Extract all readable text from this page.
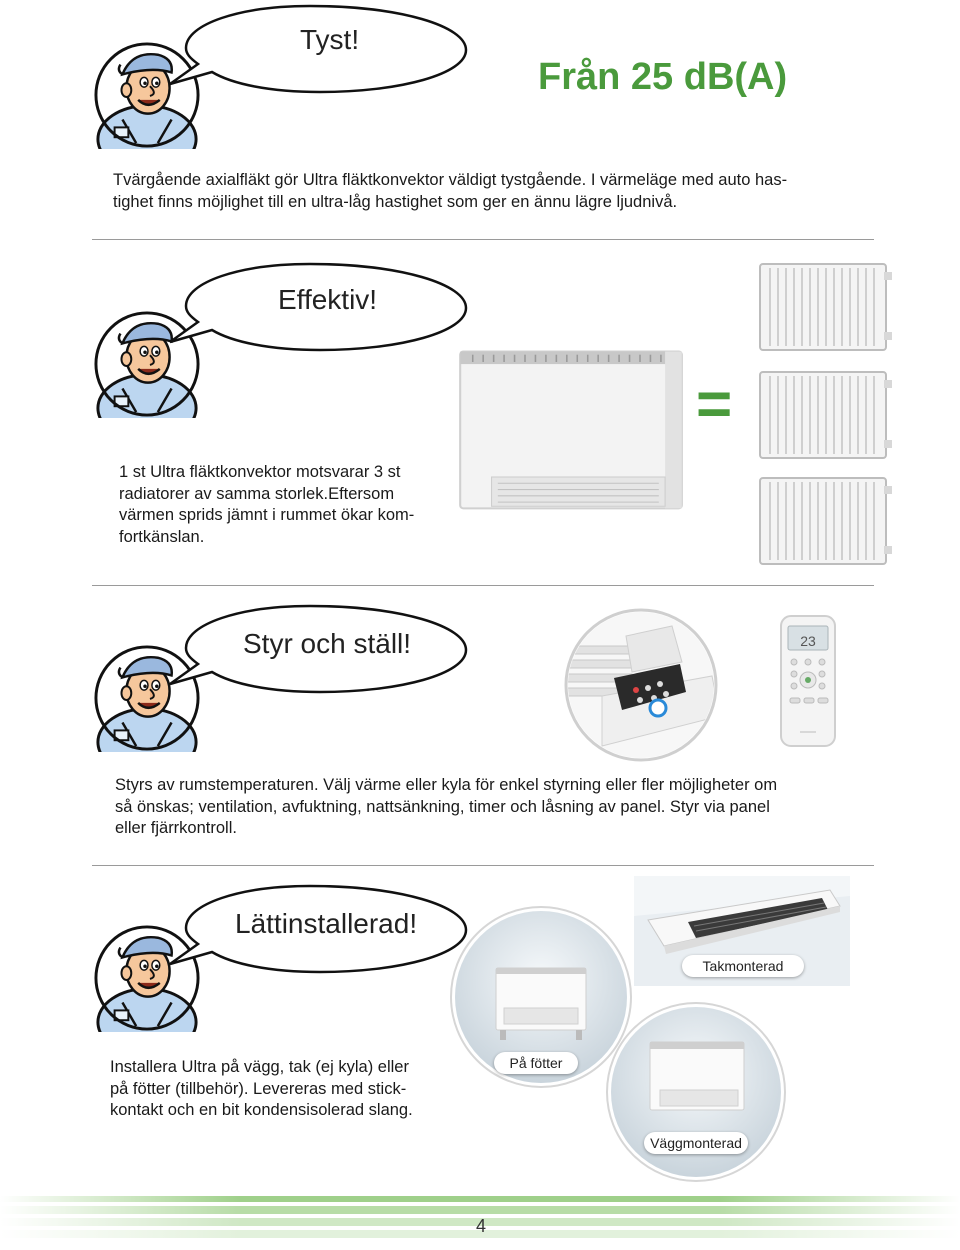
Tyst!
Från 25 dB(A)
Tvärgående axialfläkt gör Ultra fläktkonvektor väldigt tystgående. I värmeläge med auto has-
tighet finns möjlighet till en ultra-låg hastighet som ger en ännu lägre ljudnivå.
Effektiv!
=
1 st Ultra fläktkonvektor motsvarar 3 st
radiatorer av samma storlek.Eftersom
värmen sprids jämnt i rummet ökar kom-
fortkänslan.
Styr och ställ!	23
Styrs av rumstemperaturen. Välj värme eller kyla för enkel styrning eller fler möjligheter om
så önskas; ventilation, avfuktning, nattsänkning, timer och låsning av panel. Styr via panel
eller fjärrkontroll.
Lättinstallerad!
Takmonterad
På fötter
Väggmonterad
Installera Ultra på vägg, tak (ej kyla) eller
på fötter (tillbehör). Levereras med stick-
kontakt och en bit kondensisolerad slang.
4
